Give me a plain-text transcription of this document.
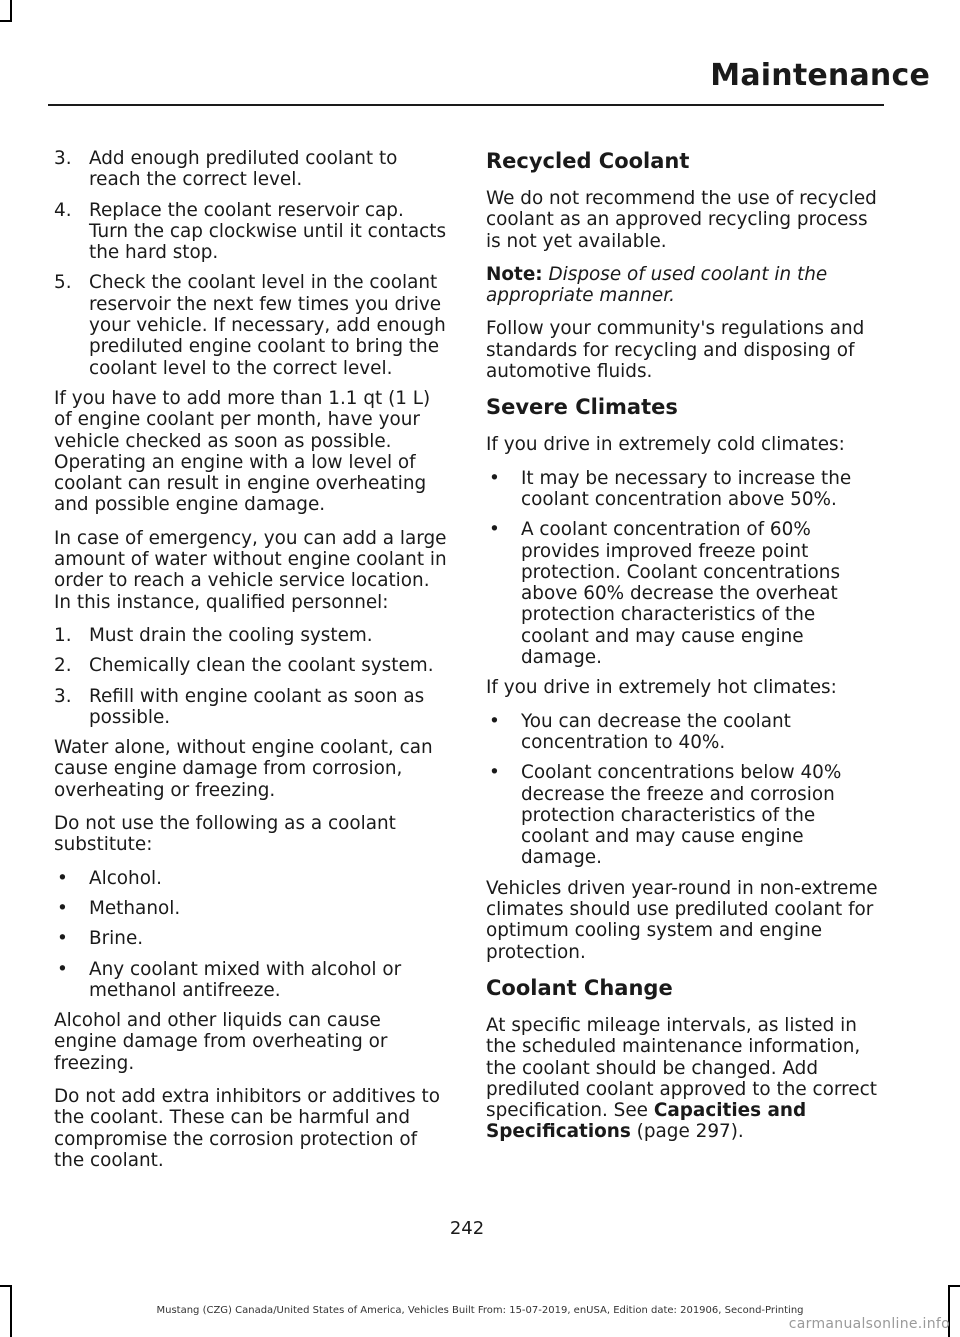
Maintenance

3. Add enough prediluted coolant to reach the correct level.

4. Replace the coolant reservoir cap. Turn the cap clockwise until it contacts the hard stop.

5. Check the coolant level in the coolant reservoir the next few times you drive your vehicle. If necessary, add enough prediluted engine coolant to bring the coolant level to the correct level.

If you have to add more than 1.1 qt (1 L) of engine coolant per month, have your vehicle checked as soon as possible. Operating an engine with a low level of coolant can result in engine overheating and possible engine damage.

In case of emergency, you can add a large amount of water without engine coolant in order to reach a vehicle service location. In this instance, qualified personnel:

1. Must drain the cooling system.

2. Chemically clean the coolant system.

3. Refill with engine coolant as soon as possible.

Water alone, without engine coolant, can cause engine damage from corrosion, overheating or freezing.

Do not use the following as a coolant substitute:

• Alcohol.

• Methanol.

• Brine.

• Any coolant mixed with alcohol or methanol antifreeze.

Alcohol and other liquids can cause engine damage from overheating or freezing.

Do not add extra inhibitors or additives to the coolant. These can be harmful and compromise the corrosion protection of the coolant.

Recycled Coolant

We do not recommend the use of recycled coolant as an approved recycling process is not yet available.

Note: Dispose of used coolant in the appropriate manner.

Follow your community's regulations and standards for recycling and disposing of automotive fluids.

Severe Climates

If you drive in extremely cold climates:

• It may be necessary to increase the coolant concentration above 50%.

• A coolant concentration of 60% provides improved freeze point protection. Coolant concentrations above 60% decrease the overheat protection characteristics of the coolant and may cause engine damage.

If you drive in extremely hot climates:

• You can decrease the coolant concentration to 40%.

• Coolant concentrations below 40% decrease the freeze and corrosion protection characteristics of the coolant and may cause engine damage.

Vehicles driven year-round in non-extreme climates should use prediluted coolant for optimum cooling system and engine protection.

Coolant Change

At specific mileage intervals, as listed in the scheduled maintenance information, the coolant should be changed. Add prediluted coolant approved to the correct specification. See Capacities and Specifications (page 297).

242
Mustang (CZG) Canada/United States of America, Vehicles Built From: 15-07-2019, enUSA, Edition date: 201906, Second-Printing
carmanualsonline.info
